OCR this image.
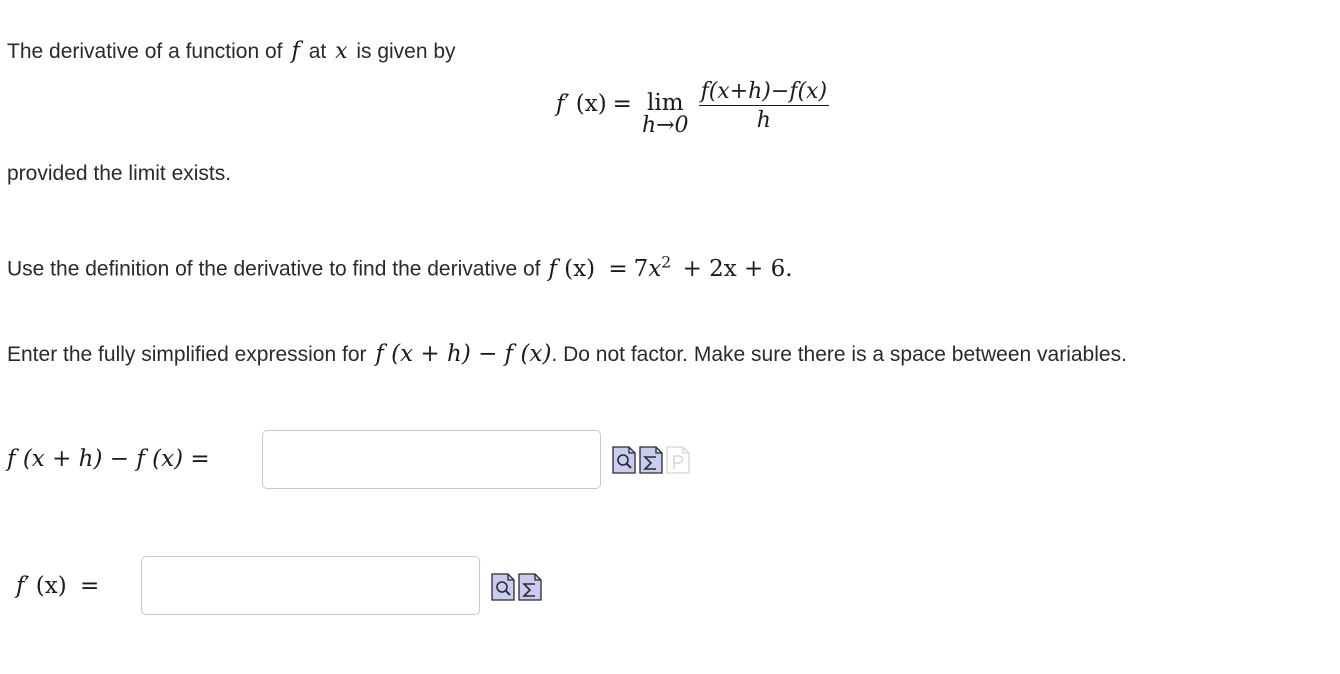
The derivative of a function of f at x is given by
f ′ (x) = lim
$h\to 0 \frac{f(x+h)-f(x)}{h}$
provided the limit exists.
Use the definition of the derivative to find the derivative of f $(x) = 7x^2 + 2x + 6$.
Enter the fully simplified expression for f (x + h) − f (x). Do not factor. Make sure there is a space between variables.
f (x + h) − f (x) =
f′ (x) =
